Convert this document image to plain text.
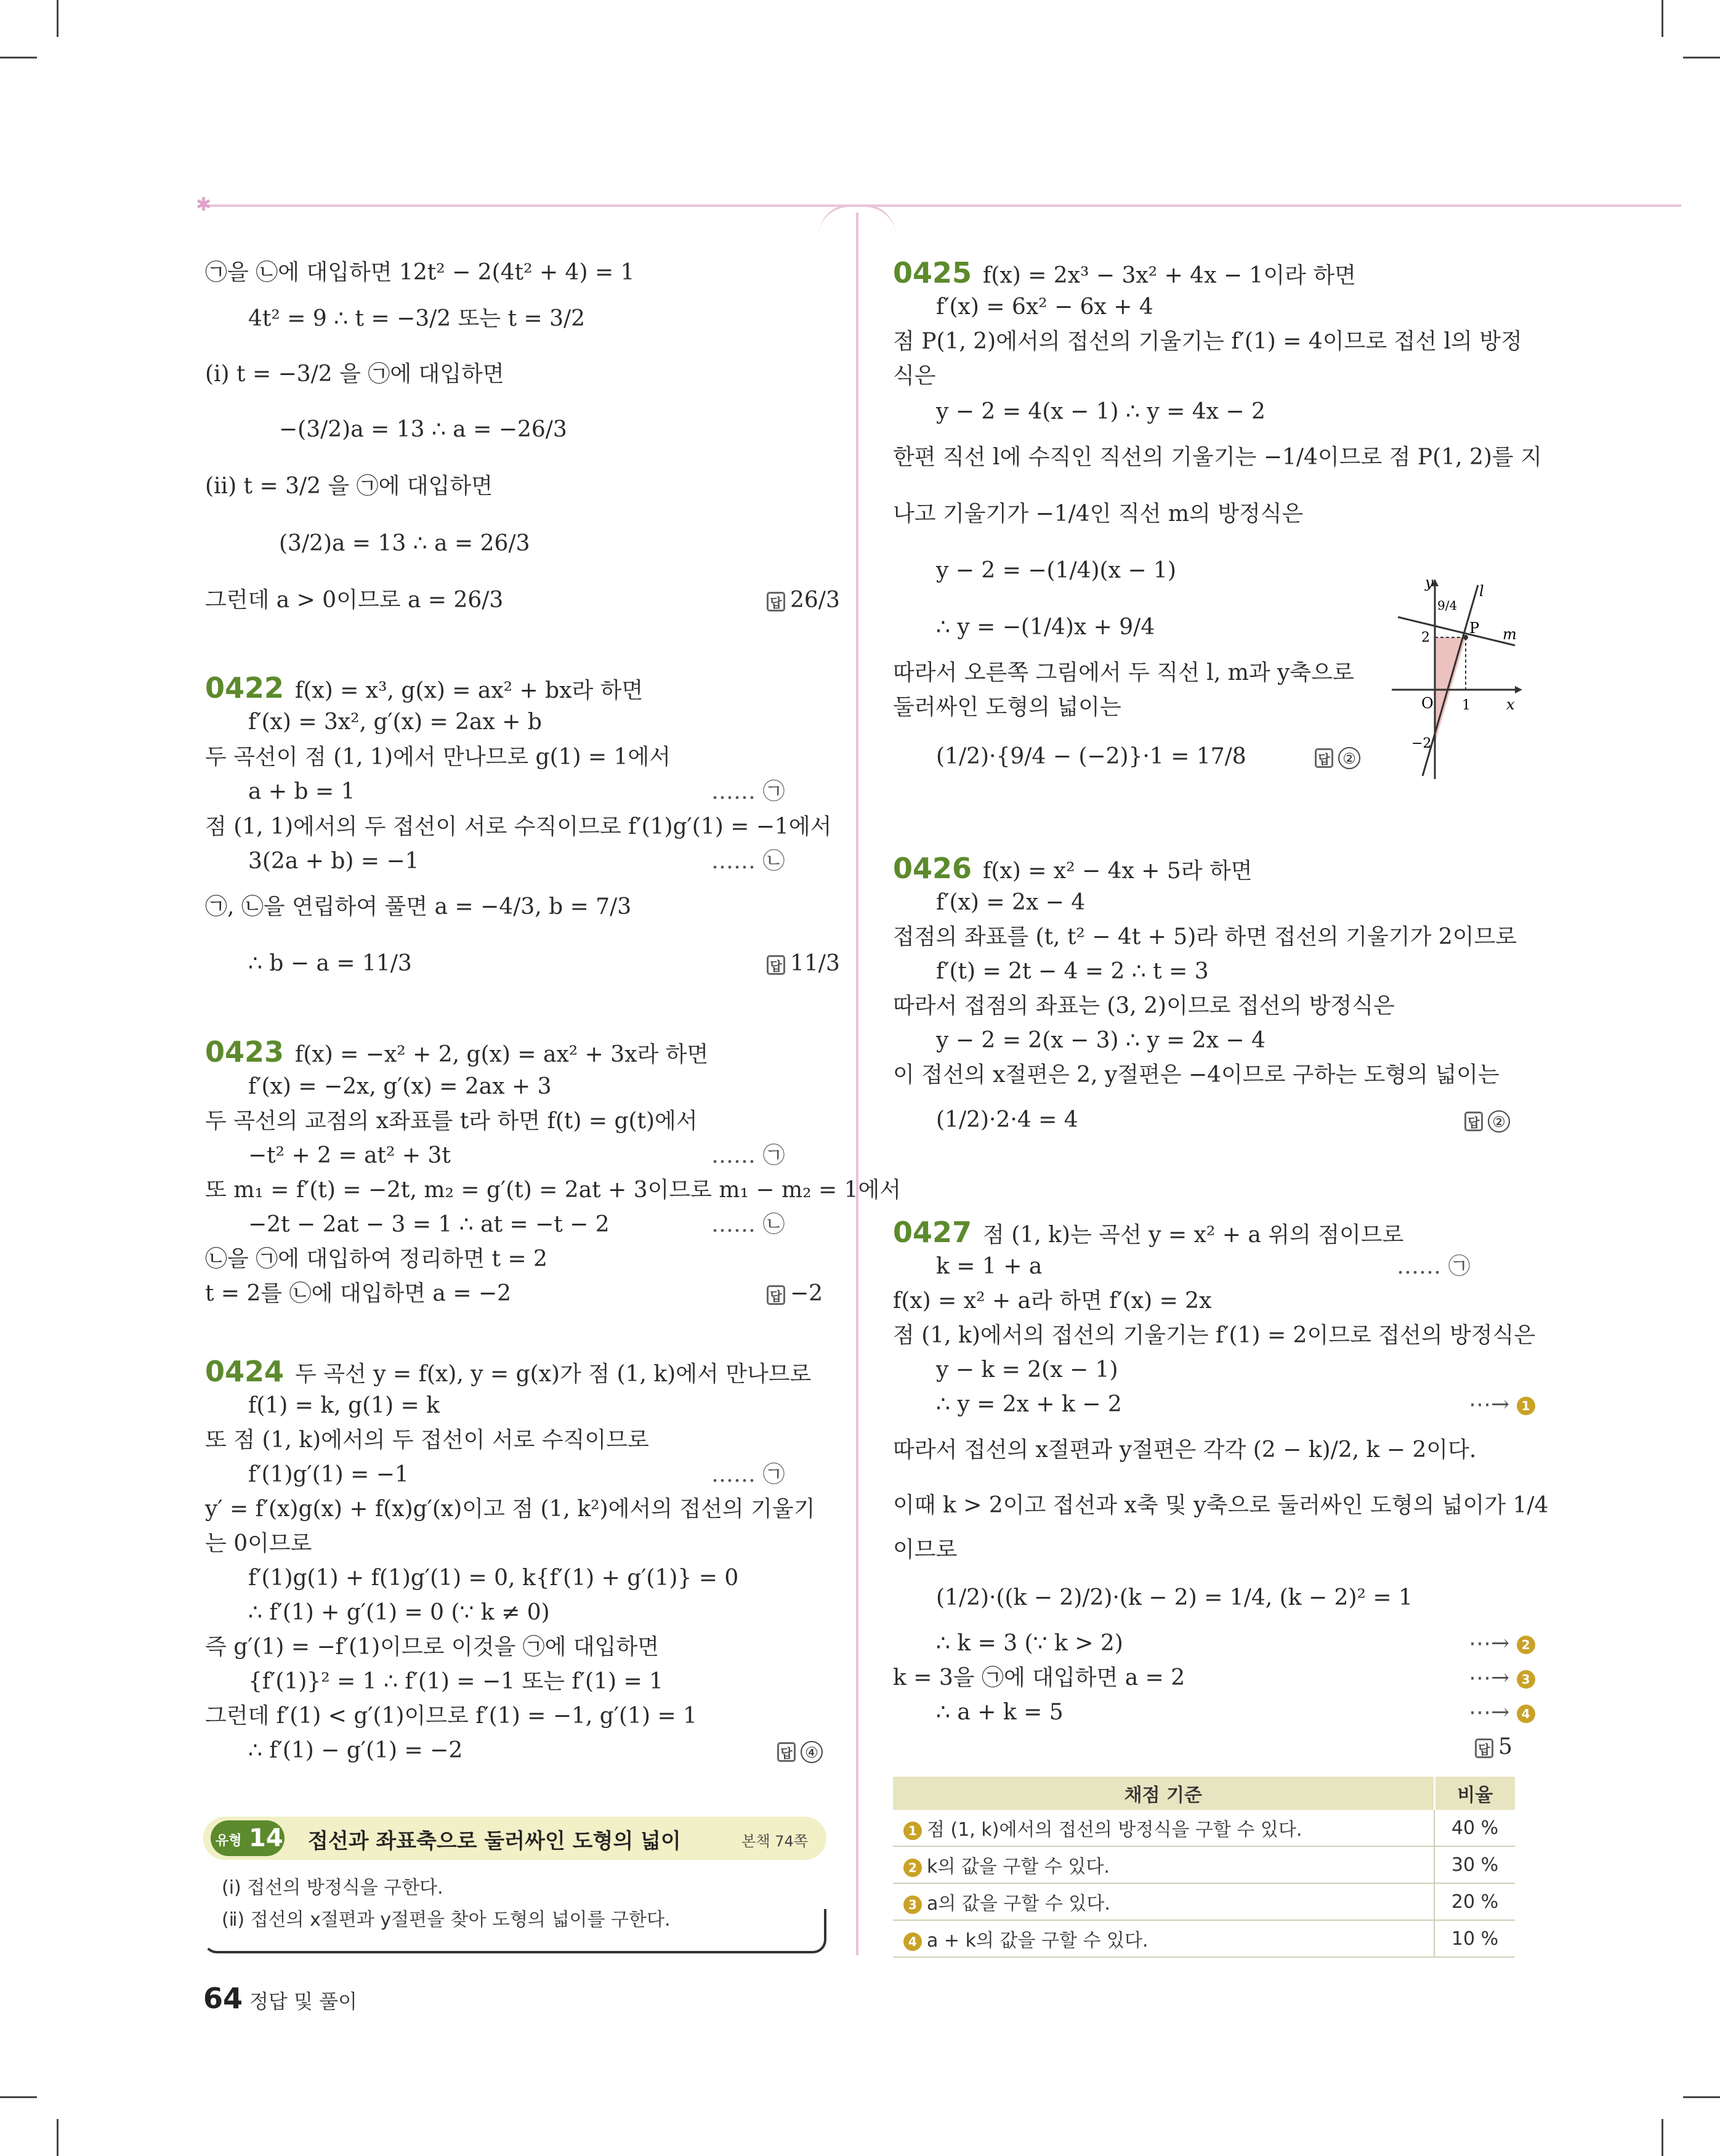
✱
㉠을 ㉡에 대입하면 12t² − 2(4t² + 4) = 1
4t² = 9 ∴ t = −3/2 또는 t = 3/2
(ⅰ) t = −3/2 을 ㉠에 대입하면
−(3/2)a = 13 ∴ a = −26/3
(ⅱ) t = 3/2 을 ㉠에 대입하면
(3/2)a = 13 ∴ a = 26/3
그런데 a > 0이므로 a = 26/3	답 26/3
0422 f(x) = x³, g(x) = ax² + bx라 하면
f′(x) = 3x², g′(x) = 2ax + b
두 곡선이 점 (1, 1)에서 만나므로 g(1) = 1에서
a + b = 1	…… ㉠
점 (1, 1)에서의 두 접선이 서로 수직이므로 f′(1)g′(1) = −1에서
3(2a + b) = −1	…… ㉡
㉠, ㉡을 연립하여 풀면 a = −4/3, b = 7/3
∴ b − a = 11/3	답 11/3
0423 f(x) = −x² + 2, g(x) = ax² + 3x라 하면
f′(x) = −2x, g′(x) = 2ax + 3
두 곡선의 교점의 x좌표를 t라 하면 f(t) = g(t)에서
−t² + 2 = at² + 3t	…… ㉠
또 m₁ = f′(t) = −2t, m₂ = g′(t) = 2at + 3이므로 m₁ − m₂ = 1에서
−2t − 2at − 3 = 1 ∴ at = −t − 2	…… ㉡
㉡을 ㉠에 대입하여 정리하면 t = 2
t = 2를 ㉡에 대입하면 a = −2	답 −2
0424 두 곡선 y = f(x), y = g(x)가 점 (1, k)에서 만나므로
f(1) = k, g(1) = k
또 점 (1, k)에서의 두 접선이 서로 수직이므로
f′(1)g′(1) = −1	…… ㉠
y′ = f′(x)g(x) + f(x)g′(x)이고 점 (1, k²)에서의 접선의 기울기
는 0이므로
f′(1)g(1) + f(1)g′(1) = 0, k{f′(1) + g′(1)} = 0
∴ f′(1) + g′(1) = 0 (∵ k ≠ 0)
즉 g′(1) = −f′(1)이므로 이것을 ㉠에 대입하면
{f′(1)}² = 1 ∴ f′(1) = −1 또는 f′(1) = 1
그런데 f′(1) < g′(1)이므로 f′(1) = −1, g′(1) = 1
∴ f′(1) − g′(1) = −2	답 ④
유형 14 접선과 좌표축으로 둘러싸인 도형의 넓이	본책 74쪽
(ⅰ) 접선의 방정식을 구한다.
(ⅱ) 접선의 x절편과 y절편을 찾아 도형의 넓이를 구한다.
0425 f(x) = 2x³ − 3x² + 4x − 1이라 하면
f′(x) = 6x² − 6x + 4
점 P(1, 2)에서의 접선의 기울기는 f′(1) = 4이므로 접선 l의 방정
식은
y − 2 = 4(x − 1) ∴ y = 4x − 2
한편 직선 l에 수직인 직선의 기울기는 −1/4이므로 점 P(1, 2)를 지
나고 기울기가 −1/4인 직선 m의 방정식은
y − 2 = −(1/4)(x − 1)
∴ y = −(1/4)x + 9/4
따라서 오른쪽 그림에서 두 직선 l, m과 y축으로
둘러싸인 도형의 넓이는
(1/2)·{9/4 − (−2)}·1 = 17/8	답 ②
0426 f(x) = x² − 4x + 5라 하면
f′(x) = 2x − 4
접점의 좌표를 (t, t² − 4t + 5)라 하면 접선의 기울기가 2이므로
f′(t) = 2t − 4 = 2 ∴ t = 3
따라서 접점의 좌표는 (3, 2)이므로 접선의 방정식은
y − 2 = 2(x − 3) ∴ y = 2x − 4
이 접선의 x절편은 2, y절편은 −4이므로 구하는 도형의 넓이는
(1/2)·2·4 = 4	답 ②
0427 점 (1, k)는 곡선 y = x² + a 위의 점이므로
k = 1 + a	…… ㉠
f(x) = x² + a라 하면 f′(x) = 2x
점 (1, k)에서의 접선의 기울기는 f′(1) = 2이므로 접선의 방정식은
y − k = 2(x − 1)
∴ y = 2x + k − 2	⋯→ 1
따라서 접선의 x절편과 y절편은 각각 (2 − k)/2, k − 2이다.
이때 k > 2이고 접선과 x축 및 y축으로 둘러싸인 도형의 넓이가 1/4
이므로
(1/2)·((k − 2)/2)·(k − 2) = 1/4, (k − 2)² = 1
∴ k = 3 (∵ k > 2)	⋯→ 2
k = 3을 ㉠에 대입하면 a = 2	⋯→ 3
∴ a + k = 5	⋯→ 4
답 5
y
x
O
l
m
P
9/4
2
1
−2
채점 기준	비율
1 점 (1, k)에서의 접선의 방정식을 구할 수 있다.	40 %
2 k의 값을 구할 수 있다.	30 %
3 a의 값을 구할 수 있다.	20 %
4 a + k의 값을 구할 수 있다.	10 %
64 정답 및 풀이
